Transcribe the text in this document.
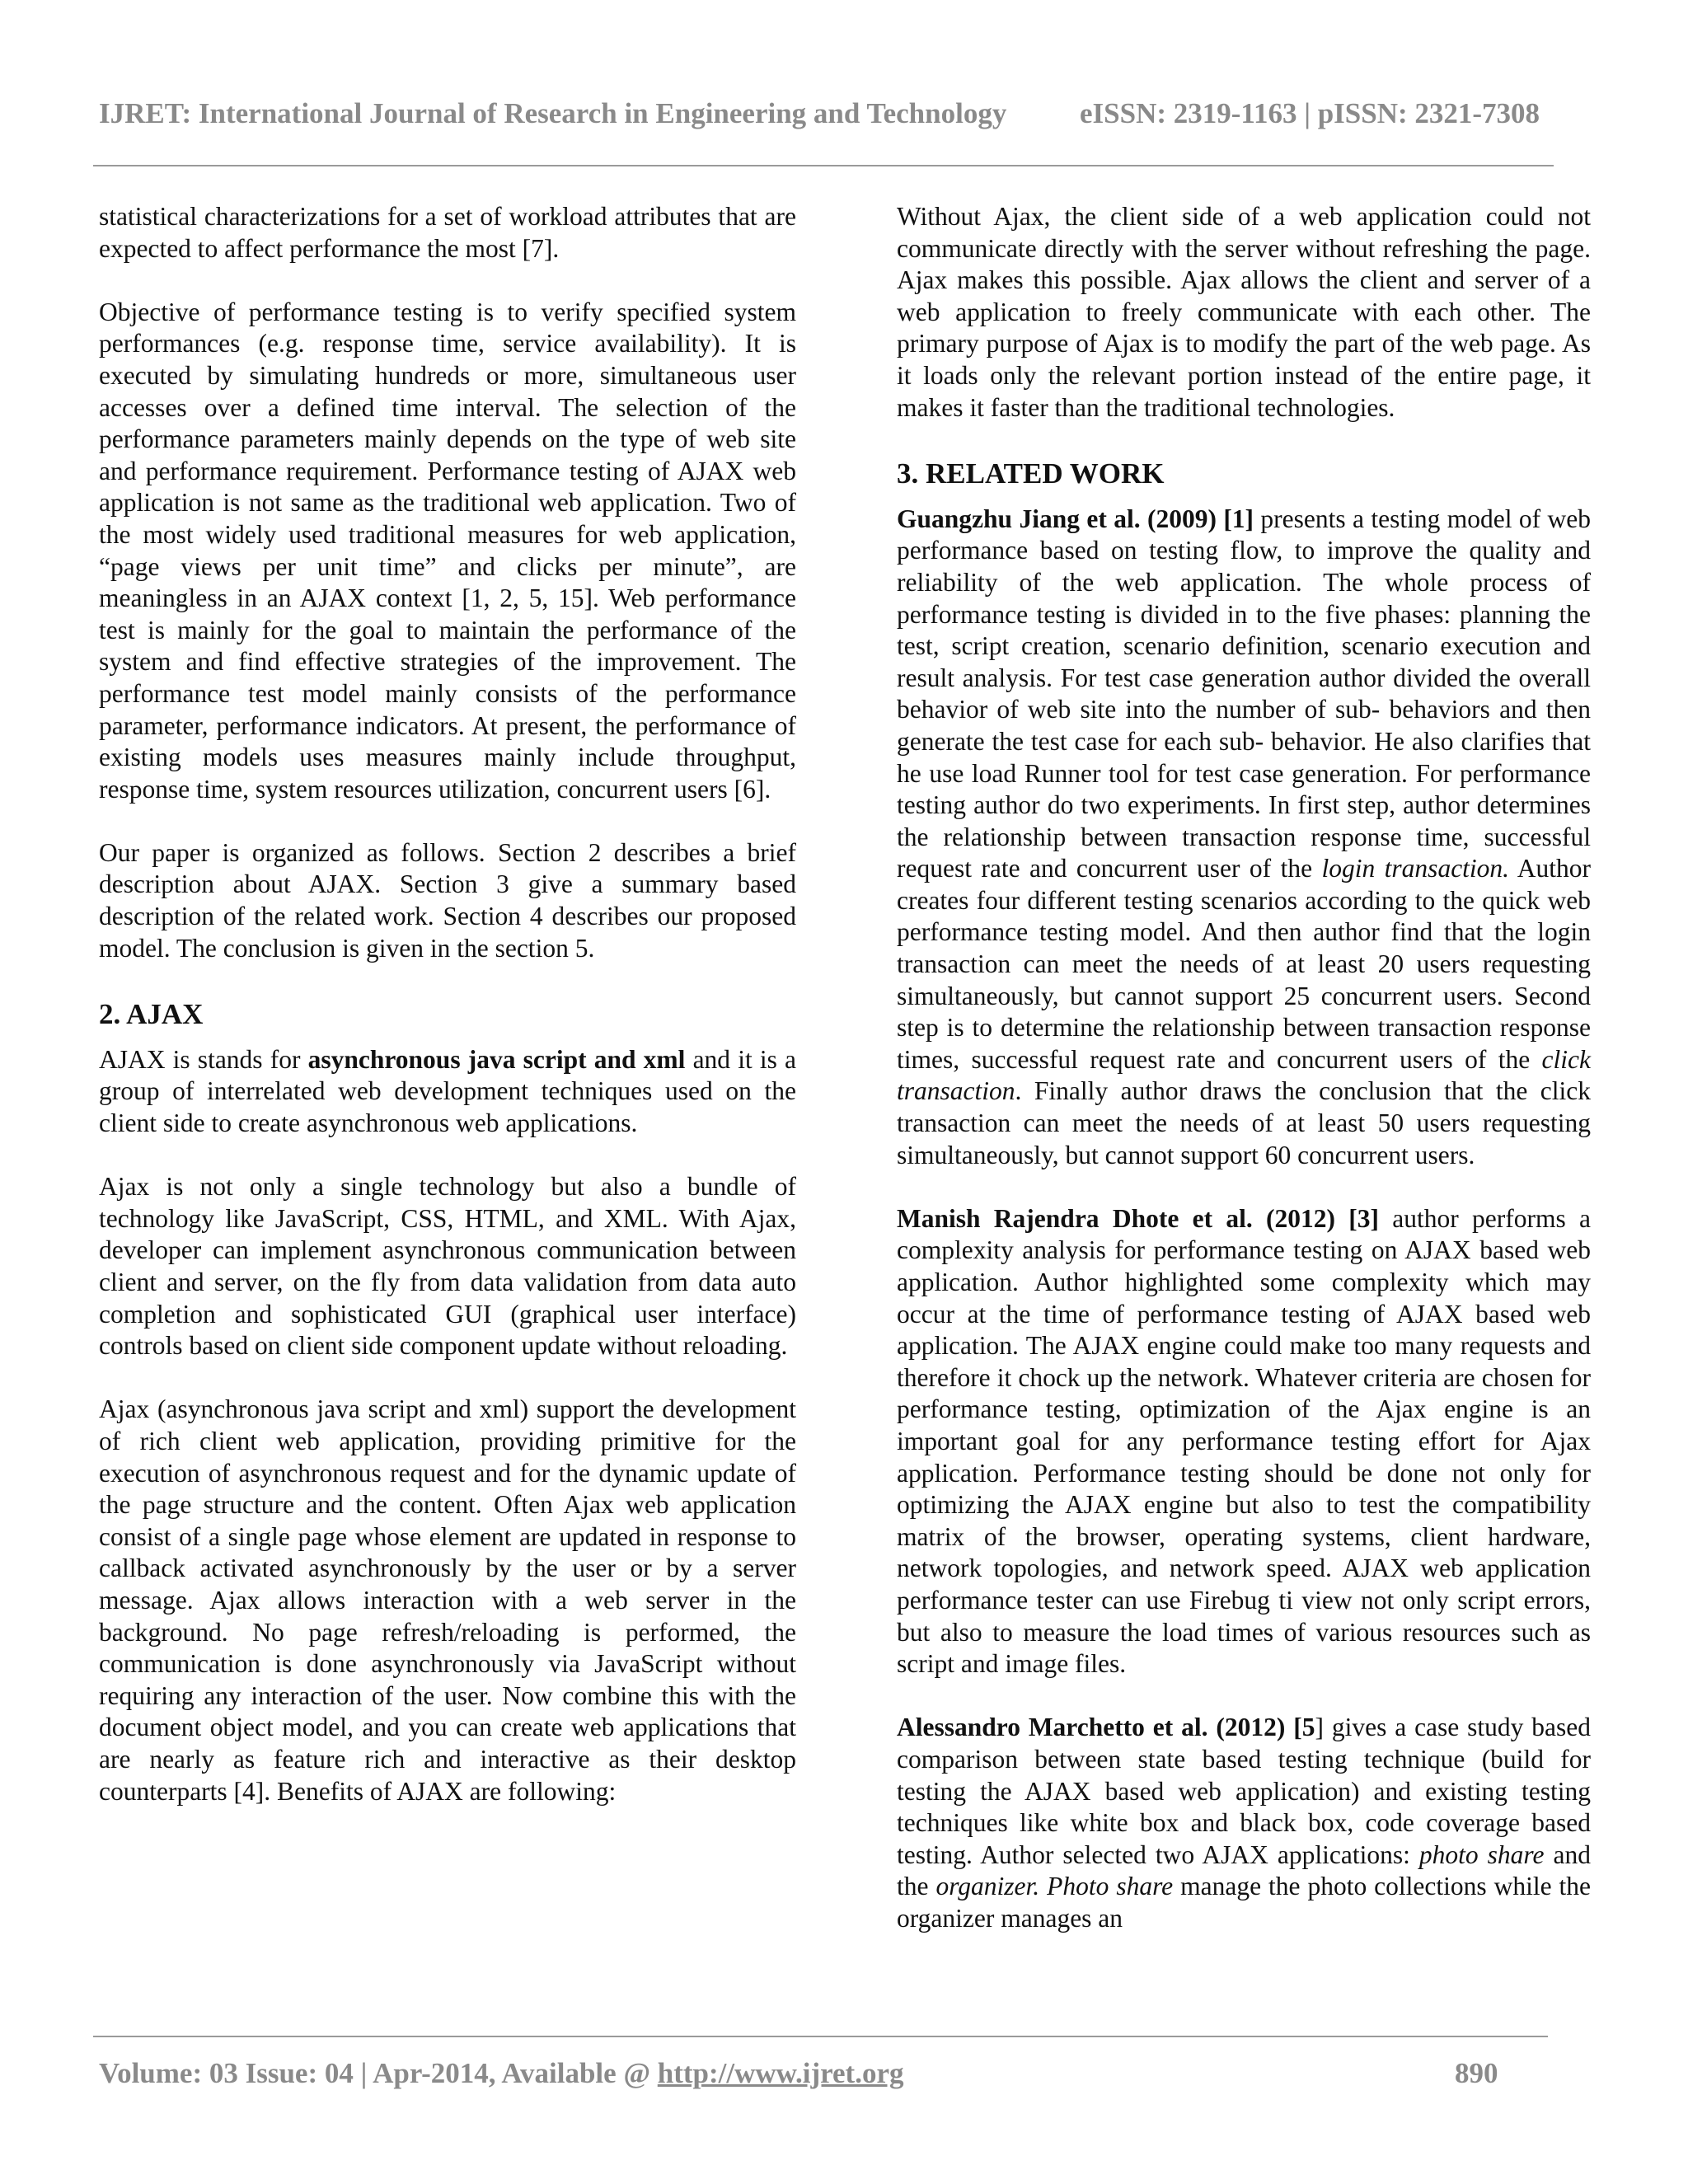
IJRET: International Journal of Research in Engineering and Technology	eISSN: 2319-1163 | pISSN: 2321-7308

statistical characterizations for a set of workload attributes that are expected to affect performance the most [7].

Objective of performance testing is to verify specified system performances (e.g. response time, service availability). It is executed by simulating hundreds or more, simultaneous user accesses over a defined time interval. The selection of the performance parameters mainly depends on the type of web site and performance requirement. Performance testing of AJAX web application is not same as the traditional web application. Two of the most widely used traditional measures for web application, “page views per unit time” and clicks per minute”, are meaningless in an AJAX context [1, 2, 5, 15]. Web performance test is mainly for the goal to maintain the performance of the system and find effective strategies of the improvement. The performance test model mainly consists of the performance parameter, performance indicators. At present, the performance of existing models uses measures mainly include throughput, response time, system resources utilization, concurrent users [6].

Our paper is organized as follows. Section 2 describes a brief description about AJAX. Section 3 give a summary based description of the related work. Section 4 describes our proposed model. The conclusion is given in the section 5.

2. AJAX

AJAX is stands for asynchronous java script and xml and it is a group of interrelated web development techniques used on the client side to create asynchronous web applications.

Ajax is not only a single technology but also a bundle of technology like JavaScript, CSS, HTML, and XML. With Ajax, developer can implement asynchronous communication between client and server, on the fly from data validation from data auto completion and sophisticated GUI (graphical user interface) controls based on client side component update without reloading.

Ajax (asynchronous java script and xml) support the development of rich client web application, providing primitive for the execution of asynchronous request and for the dynamic update of the page structure and the content. Often Ajax web application consist of a single page whose element are updated in response to callback activated asynchronously by the user or by a server message. Ajax allows interaction with a web server in the background. No page refresh/reloading is performed, the communication is done asynchronously via JavaScript without requiring any interaction of the user. Now combine this with the document object model, and you can create web applications that are nearly as feature rich and interactive as their desktop counterparts [4]. Benefits of AJAX are following:

Without Ajax, the client side of a web application could not communicate directly with the server without refreshing the page. Ajax makes this possible. Ajax allows the client and server of a web application to freely communicate with each other. The primary purpose of Ajax is to modify the part of the web page. As it loads only the relevant portion instead of the entire page, it makes it faster than the traditional technologies.

3. RELATED WORK

Guangzhu Jiang et al. (2009) [1] presents a testing model of web performance based on testing flow, to improve the quality and reliability of the web application. The whole process of performance testing is divided in to the five phases: planning the test, script creation, scenario definition, scenario execution and result analysis. For test case generation author divided the overall behavior of web site into the number of sub- behaviors and then generate the test case for each sub- behavior. He also clarifies that he use load Runner tool for test case generation. For performance testing author do two experiments. In first step, author determines the relationship between transaction response time, successful request rate and concurrent user of the login transaction. Author creates four different testing scenarios according to the quick web performance testing model. And then author find that the login transaction can meet the needs of at least 20 users requesting simultaneously, but cannot support 25 concurrent users. Second step is to determine the relationship between transaction response times, successful request rate and concurrent users of the click transaction. Finally author draws the conclusion that the click transaction can meet the needs of at least 50 users requesting simultaneously, but cannot support 60 concurrent users.

Manish Rajendra Dhote et al. (2012) [3] author performs a complexity analysis for performance testing on AJAX based web application. Author highlighted some complexity which may occur at the time of performance testing of AJAX based web application. The AJAX engine could make too many requests and therefore it chock up the network. Whatever criteria are chosen for performance testing, optimization of the Ajax engine is an important goal for any performance testing effort for Ajax application. Performance testing should be done not only for optimizing the AJAX engine but also to test the compatibility matrix of the browser, operating systems, client hardware, network topologies, and network speed. AJAX web application performance tester can use Firebug ti view not only script errors, but also to measure the load times of various resources such as script and image files.

Alessandro Marchetto et al. (2012) [5] gives a case study based comparison between state based testing technique (build for testing the AJAX based web application) and existing testing techniques like white box and black box, code coverage based testing. Author selected two AJAX applications: photo share and the organizer. Photo share manage the photo collections while the organizer manages an

Volume: 03 Issue: 04 | Apr-2014, Available @ http://www.ijret.org	890
